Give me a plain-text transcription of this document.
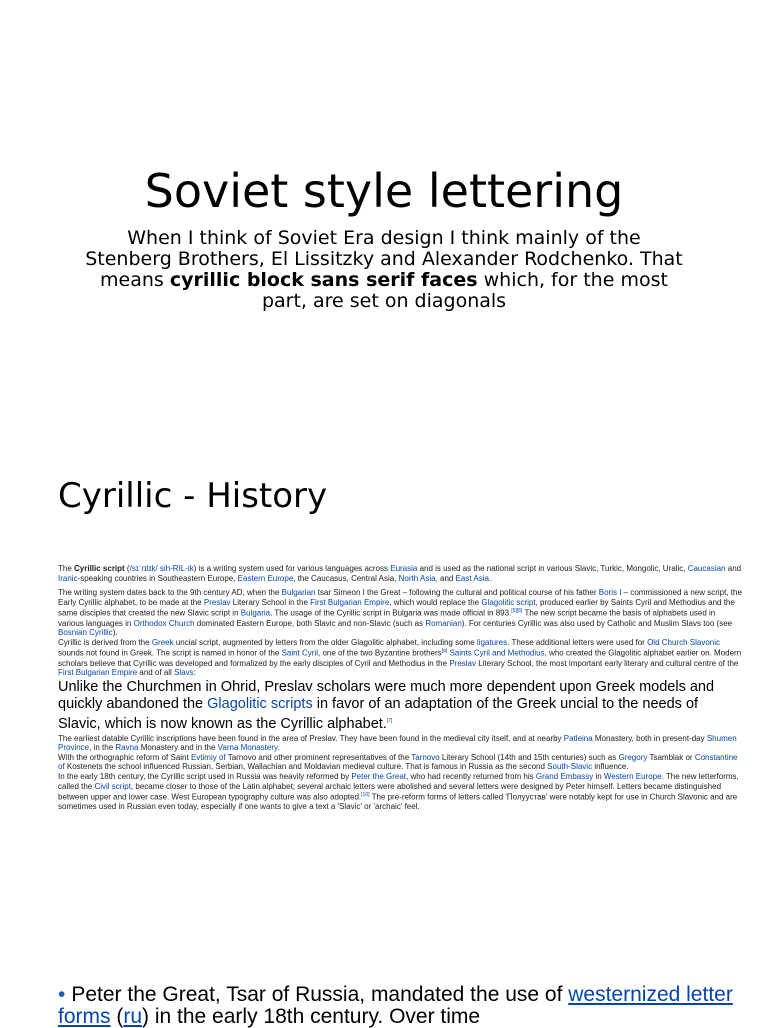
Soviet style lettering
When I think of Soviet Era design I think mainly of the Stenberg Brothers, El Lissitzky and Alexander Rodchenko. That means cyrillic block sans serif faces which, for the most part, are set on diagonals
Cyrillic - History

The Cyrillic script (/sɪˈrɪlɪk/ sih-RIL-ik) is a writing system used for various languages across Eurasia and is used as the national script in various Slavic, Turkic, Mongolic, Uralic, Caucasian and Iranic-speaking countries in Southeastern Europe, Eastern Europe, the Caucasus, Central Asia, North Asia, and East Asia.

The writing system dates back to the 9th century AD, when the Bulgarian tsar Simeon I the Great – following the cultural and political course of his father Boris I – commissioned a new script, the Early Cyrillic alphabet, to be made at the Preslav Literary School in the First Bulgarian Empire, which would replace the Glagolitic script, produced earlier by Saints Cyril and Methodius and the same disciples that created the new Slavic script in Bulgaria. The usage of the Cyrillic script in Bulgaria was made official in 893.[5][6] The new script became the basis of alphabets used in various languages in Orthodox Church dominated Eastern Europe, both Slavic and non-Slavic (such as Romanian). For centuries Cyrillic was also used by Catholic and Muslim Slavs too (see Bosnian Cyrillic).

Cyrillic is derived from the Greek uncial script, augmented by letters from the older Glagolitic alphabet, including some ligatures. These additional letters were used for Old Church Slavonic sounds not found in Greek. The script is named in honor of the Saint Cyril, one of the two Byzantine brothers[a] Saints Cyril and Methodius, who created the Glagolitic alphabet earlier on. Modern scholars believe that Cyrillic was developed and formalized by the early disciples of Cyril and Methodius in the Preslav Literary School, the most important early literary and cultural centre of the First Bulgarian Empire and of all Slavs:

Unlike the Churchmen in Ohrid, Preslav scholars were much more dependent upon Greek models and quickly abandoned the Glagolitic scripts in favor of an adaptation of the Greek uncial to the needs of Slavic, which is now known as the Cyrillic alphabet.[7]

The earliest datable Cyrillic inscriptions have been found in the area of Preslav. They have been found in the medieval city itself, and at nearby Patleina Monastery, both in present-day Shumen Province, in the Ravna Monastery and in the Varna Monastery.

With the orthographic reform of Saint Evtimiy of Tarnovo and other prominent representatives of the Tarnovo Literary School (14th and 15th centuries) such as Gregory Tsamblak or Constantine of Kostenets the school influenced Russian, Serbian, Wallachian and Moldavian medieval culture. That is famous in Russia as the second South-Slavic influence.

In the early 18th century, the Cyrillic script used in Russia was heavily reformed by Peter the Great, who had recently returned from his Grand Embassy in Western Europe. The new letterforms, called the Civil script, became closer to those of the Latin alphabet; several archaic letters were abolished and several letters were designed by Peter himself. Letters became distinguished between upper and lower case. West European typography culture was also adopted.[10] The pre-reform forms of letters called 'Полуустав' were notably kept for use in Church Slavonic and are sometimes used in Russian even today, especially if one wants to give a text a 'Slavic' or 'archaic' feel.

• Peter the Great, Tsar of Russia, mandated the use of westernized letter forms (ru) in the early 18th century. Over time
